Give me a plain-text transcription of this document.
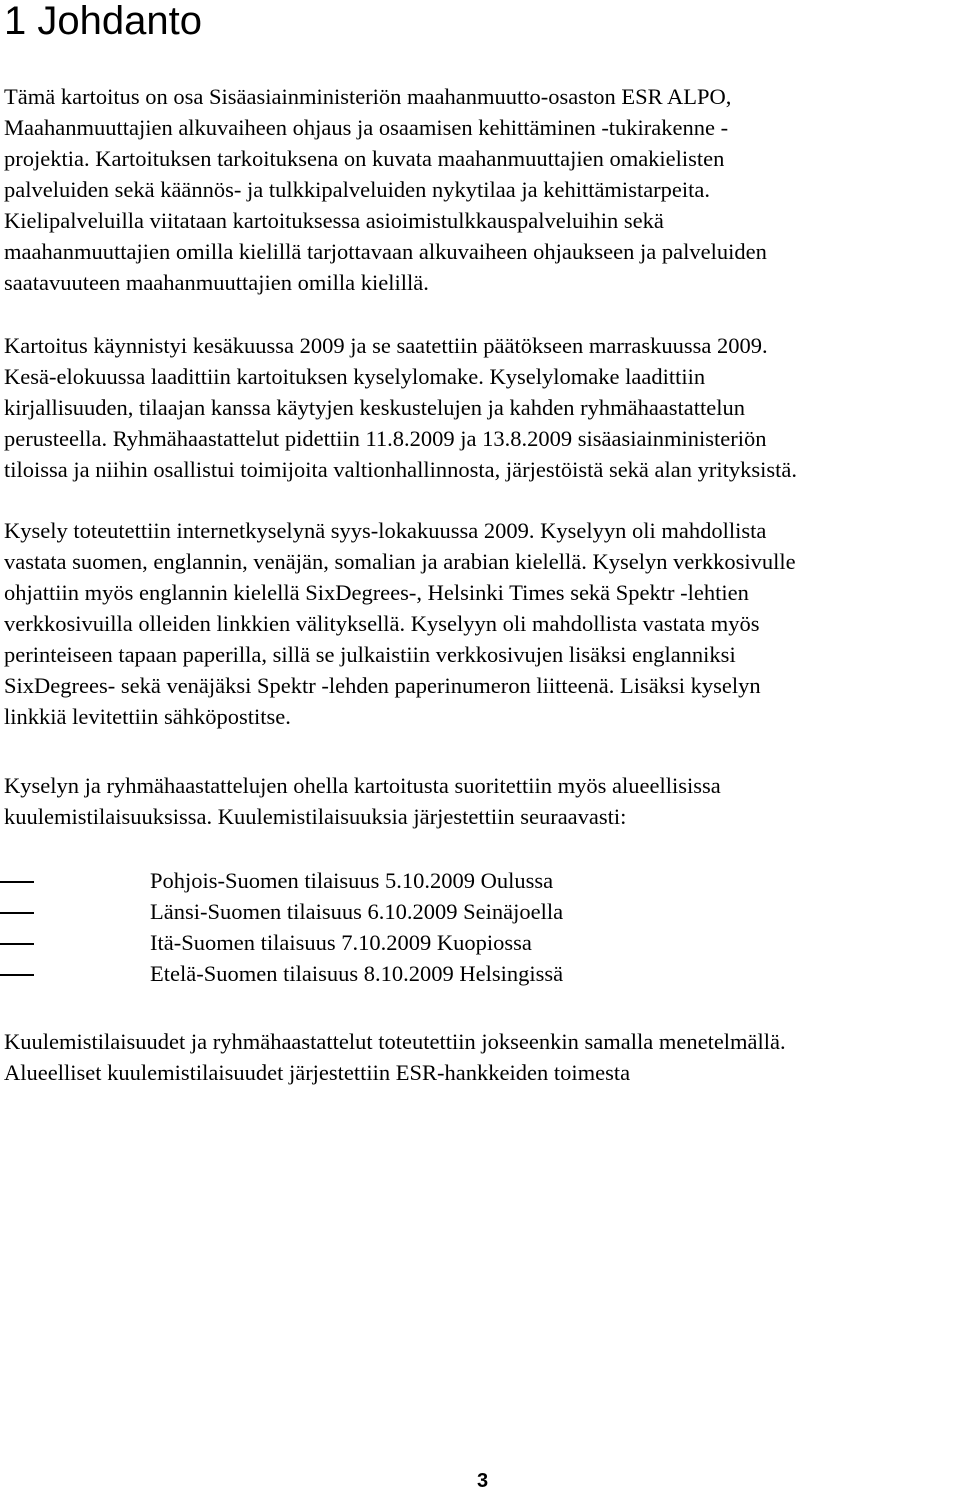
1 Johdanto

Tämä kartoitus on osa Sisäasiainministeriön maahanmuutto-osaston ESR ALPO,
Maahanmuuttajien alkuvaiheen ohjaus ja osaamisen kehittäminen -tukirakenne -
projektia. Kartoituksen tarkoituksena on kuvata maahanmuuttajien omakielisten
palveluiden sekä käännös- ja tulkkipalveluiden nykytilaa ja kehittämistarpeita.
Kielipalveluilla viitataan kartoituksessa asioimistulkkauspalveluihin sekä
maahanmuuttajien omilla kielillä tarjottavaan alkuvaiheen ohjaukseen ja palveluiden
saatavuuteen maahanmuuttajien omilla kielillä.

Kartoitus käynnistyi kesäkuussa 2009 ja se saatettiin päätökseen marraskuussa 2009.
Kesä-elokuussa laadittiin kartoituksen kyselylomake. Kyselylomake laadittiin
kirjallisuuden, tilaajan kanssa käytyjen keskustelujen ja kahden ryhmähaastattelun
perusteella. Ryhmähaastattelut pidettiin 11.8.2009 ja 13.8.2009 sisäasiainministeriön
tiloissa ja niihin osallistui toimijoita valtionhallinnosta, järjestöistä sekä alan yrityksistä.

Kysely toteutettiin internetkyselynä syys-lokakuussa 2009. Kyselyyn oli mahdollista
vastata suomen, englannin, venäjän, somalian ja arabian kielellä. Kyselyn verkkosivulle
ohjattiin myös englannin kielellä SixDegrees-, Helsinki Times sekä Spektr -lehtien
verkkosivuilla olleiden linkkien välityksellä. Kyselyyn oli mahdollista vastata myös
perinteiseen tapaan paperilla, sillä se julkaistiin verkkosivujen lisäksi englanniksi
SixDegrees- sekä venäjäksi Spektr -lehden paperinumeron liitteenä. Lisäksi kyselyn
linkkiä levitettiin sähköpostitse.

Kyselyn ja ryhmähaastattelujen ohella kartoitusta suoritettiin myös alueellisissa
kuulemistilaisuuksissa. Kuulemistilaisuuksia järjestettiin seuraavasti:

Pohjois-Suomen tilaisuus 5.10.2009 Oulussa
Länsi-Suomen tilaisuus 6.10.2009 Seinäjoella
Itä-Suomen tilaisuus 7.10.2009 Kuopiossa
Etelä-Suomen tilaisuus 8.10.2009 Helsingissä

Kuulemistilaisuudet ja ryhmähaastattelut toteutettiin jokseenkin samalla menetelmällä.
Alueelliset kuulemistilaisuudet järjestettiin ESR-hankkeiden toimesta

3
